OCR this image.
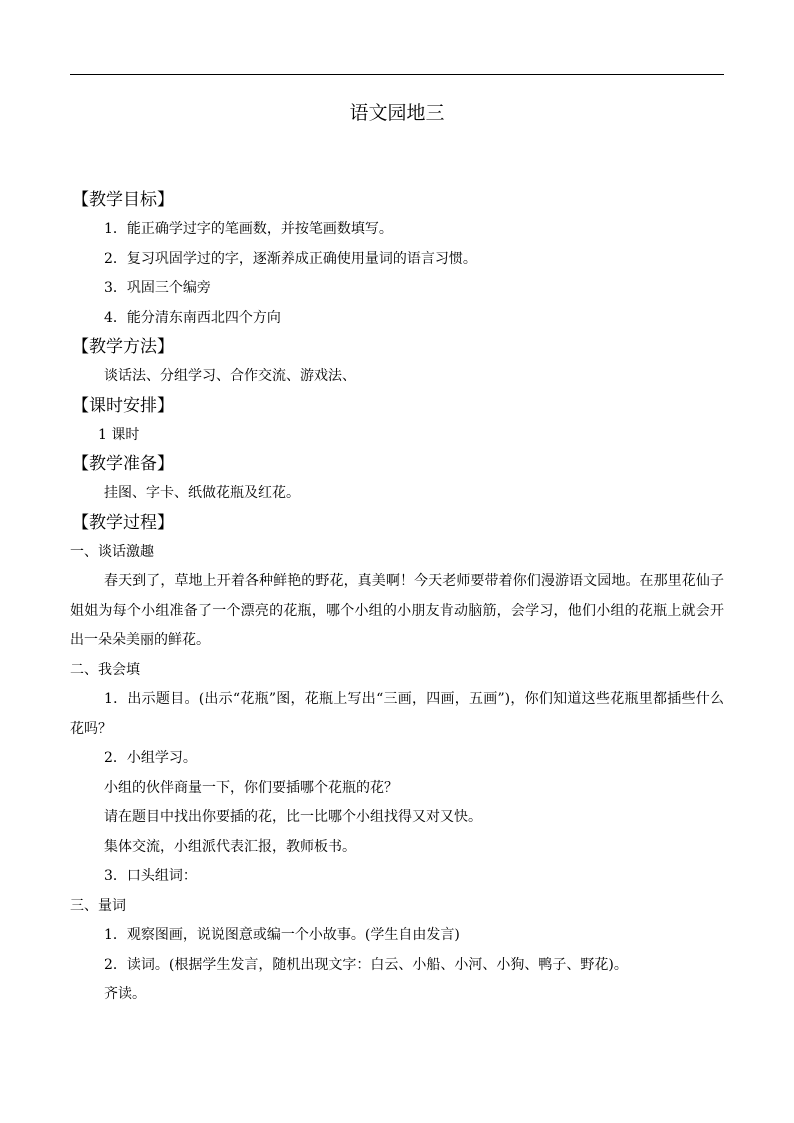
语文园地三

【教学目标】

1．能正确学过字的笔画数，并按笔画数填写。

2．复习巩固学过的字，逐渐养成正确使用量词的语言习惯。

3．巩固三个编旁

4．能分清东南西北四个方向

【教学方法】

谈话法、分组学习、合作交流、游戏法、

【课时安排】

1 课时

【教学准备】

挂图、字卡、纸做花瓶及红花。

【教学过程】

一、谈话激趣

春天到了，草地上开着各种鲜艳的野花，真美啊！今天老师要带着你们漫游语文园地。在那里花仙子姐姐为每个小组准备了一个漂亮的花瓶，哪个小组的小朋友肯动脑筋，会学习，他们小组的花瓶上就会开出一朵朵美丽的鲜花。

二、我会填

1．出示题目。(出示“花瓶”图，花瓶上写出“三画，四画，五画”)，你们知道这些花瓶里都插些什么花吗？

2．小组学习。

小组的伙伴商量一下，你们要插哪个花瓶的花？

请在题目中找出你要插的花，比一比哪个小组找得又对又快。

集体交流，小组派代表汇报，教师板书。

3．口头组词：

三、量词

1．观察图画，说说图意或编一个小故事。(学生自由发言)

2．读词。(根据学生发言，随机出现文字：白云、小船、小河、小狗、鸭子、野花)。

齐读。
